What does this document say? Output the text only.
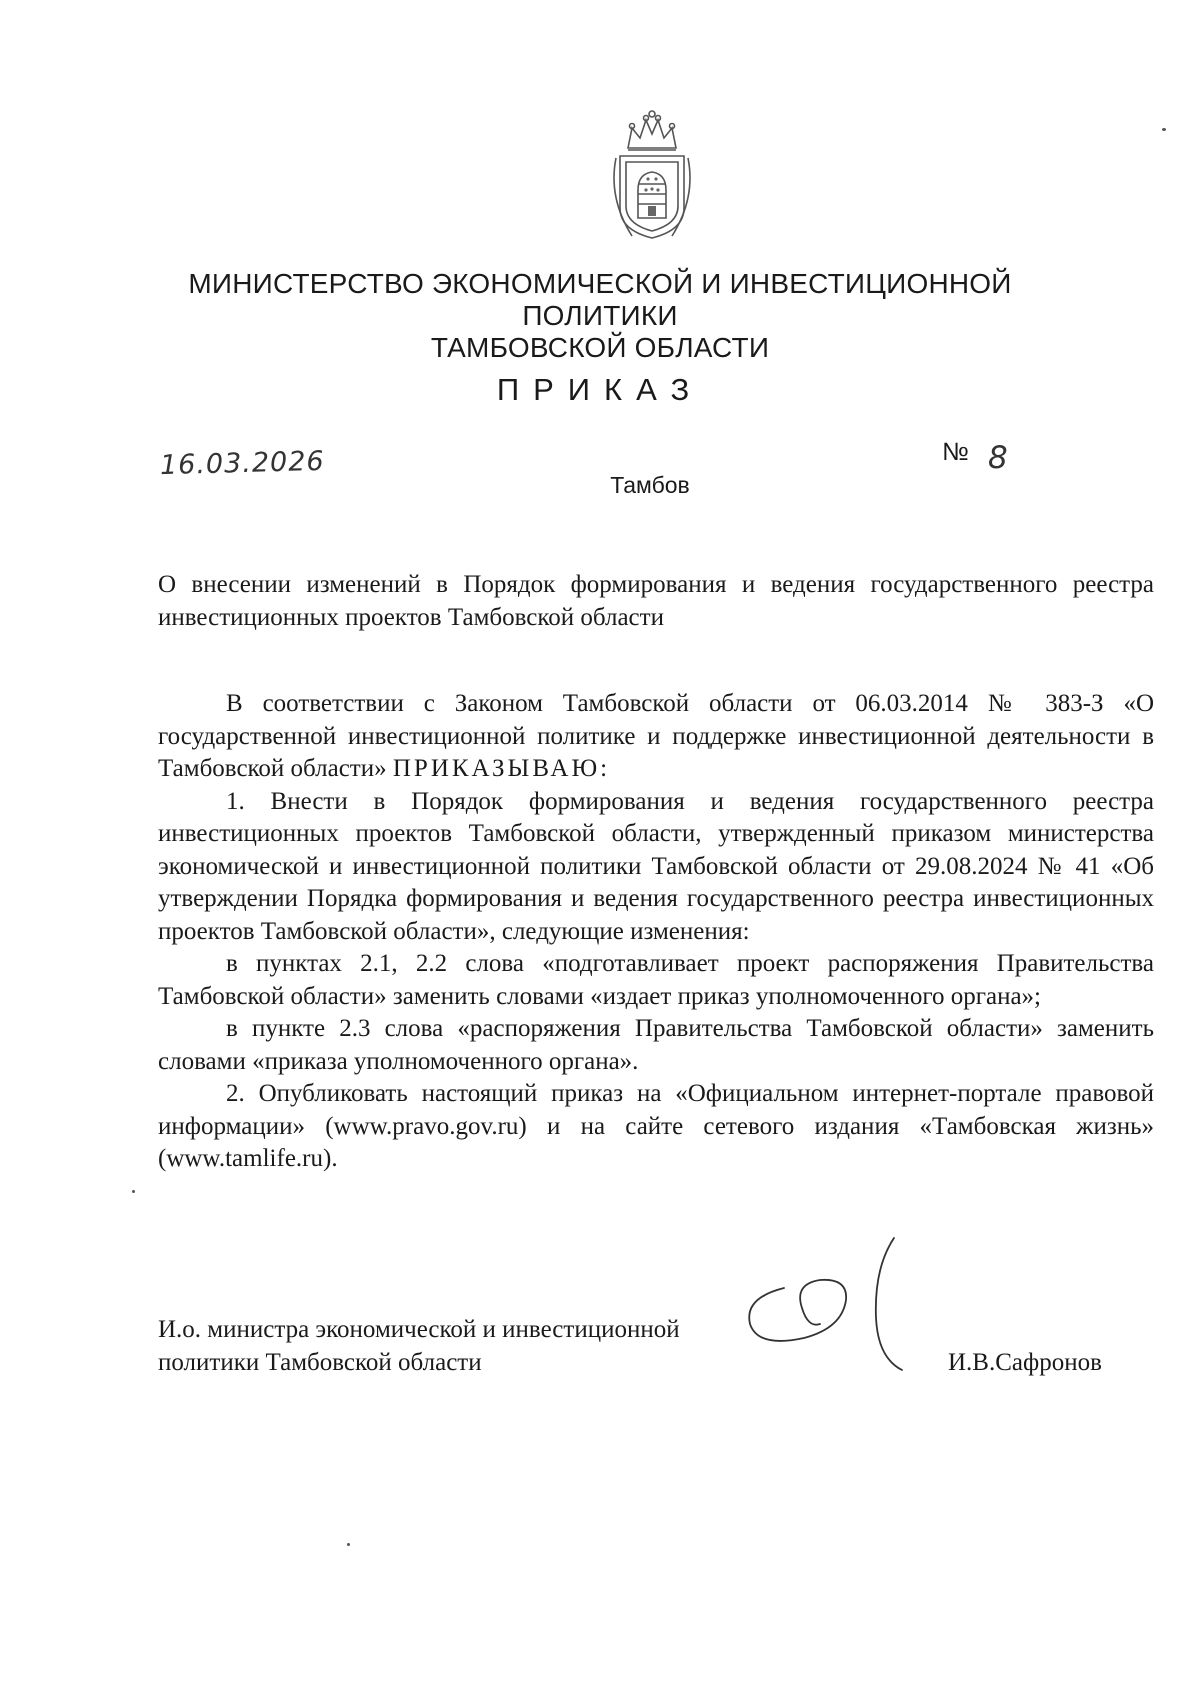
МИНИСТЕРСТВО ЭКОНОМИЧЕСКОЙ И ИНВЕСТИЦИОННОЙ ПОЛИТИКИ
ТАМБОВСКОЙ ОБЛАСТИ
ПРИКАЗ
16.03.2026	№ 8
Тамбов
О внесении изменений в Порядок формирования и ведения государственного реестра инвестиционных проектов Тамбовской области

В соответствии с Законом Тамбовской области от 06.03.2014 № 383-З «О государственной инвестиционной политике и поддержке инвестиционной деятельности в Тамбовской области» ПРИКАЗЫВАЮ:

1. Внести в Порядок формирования и ведения государственного реестра инвестиционных проектов Тамбовской области, утвержденный приказом министерства экономической и инвестиционной политики Тамбовской области от 29.08.2024 № 41 «Об утверждении Порядка формирования и ведения государственного реестра инвестиционных проектов Тамбовской области», следующие изменения:

в пунктах 2.1, 2.2 слова «подготавливает проект распоряжения Правительства Тамбовской области» заменить словами «издает приказ уполномоченного органа»;

в пункте 2.3 слова «распоряжения Правительства Тамбовской области» заменить словами «приказа уполномоченного органа».

2. Опубликовать настоящий приказ на «Официальном интернет-портале правовой информации» (www.pravo.gov.ru) и на сайте сетевого издания «Тамбовская жизнь» (www.tamlife.ru).

И.о. министра экономической и инвестиционной
политики Тамбовской области	И.В.Сафронов
